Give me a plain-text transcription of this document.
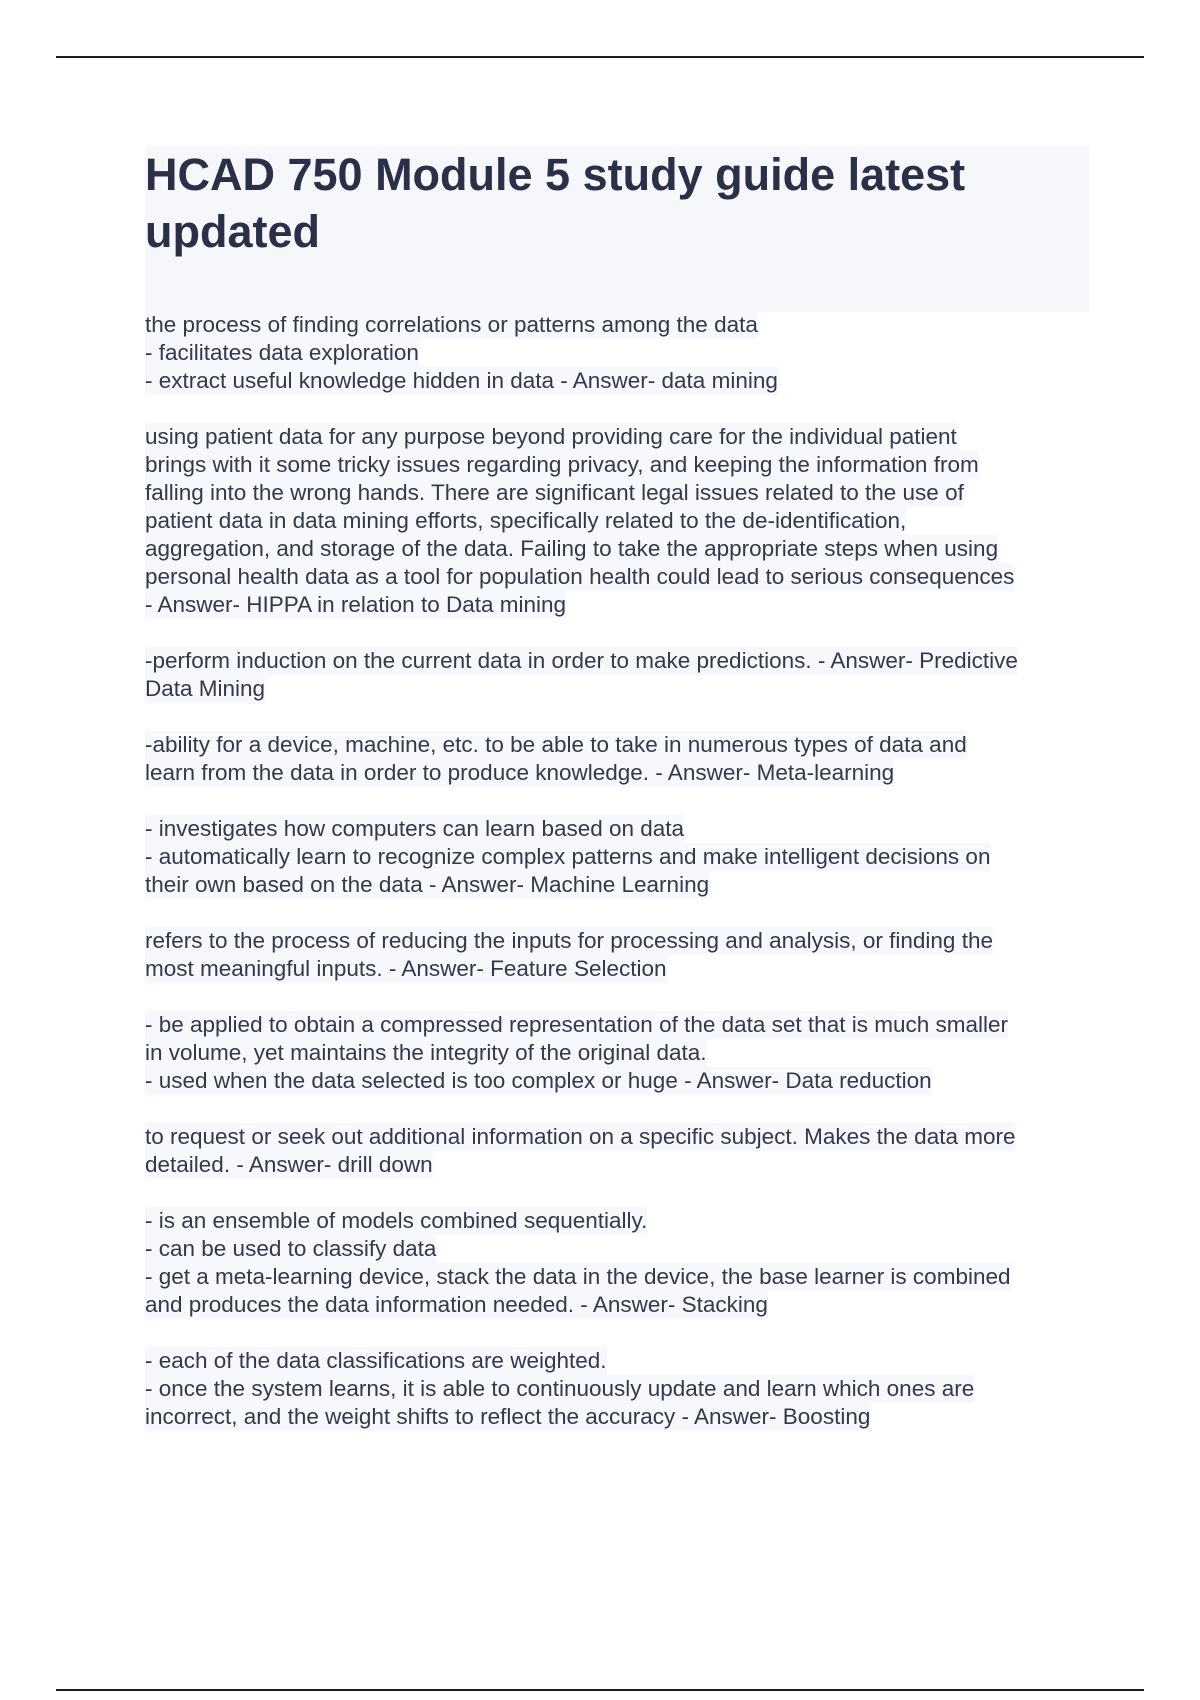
HCAD 750 Module 5 study guide latest updated
the process of finding correlations or patterns among the data
- facilitates data exploration
- extract useful knowledge hidden in data - Answer- data mining
using patient data for any purpose beyond providing care for the individual patient
brings with it some tricky issues regarding privacy, and keeping the information from
falling into the wrong hands. There are significant legal issues related to the use of
patient data in data mining efforts, specifically related to the de-identification,
aggregation, and storage of the data. Failing to take the appropriate steps when using
personal health data as a tool for population health could lead to serious consequences
- Answer- HIPPA in relation to Data mining
-perform induction on the current data in order to make predictions. - Answer- Predictive
Data Mining
-ability for a device, machine, etc. to be able to take in numerous types of data and
learn from the data in order to produce knowledge. - Answer- Meta-learning
- investigates how computers can learn based on data
- automatically learn to recognize complex patterns and make intelligent decisions on
their own based on the data - Answer- Machine Learning
refers to the process of reducing the inputs for processing and analysis, or finding the
most meaningful inputs. - Answer- Feature Selection
- be applied to obtain a compressed representation of the data set that is much smaller
in volume, yet maintains the integrity of the original data.
- used when the data selected is too complex or huge - Answer- Data reduction
to request or seek out additional information on a specific subject. Makes the data more
detailed. - Answer- drill down
- is an ensemble of models combined sequentially.
- can be used to classify data
- get a meta-learning device, stack the data in the device, the base learner is combined
and produces the data information needed. - Answer- Stacking
- each of the data classifications are weighted.
- once the system learns, it is able to continuously update and learn which ones are
incorrect, and the weight shifts to reflect the accuracy - Answer- Boosting
